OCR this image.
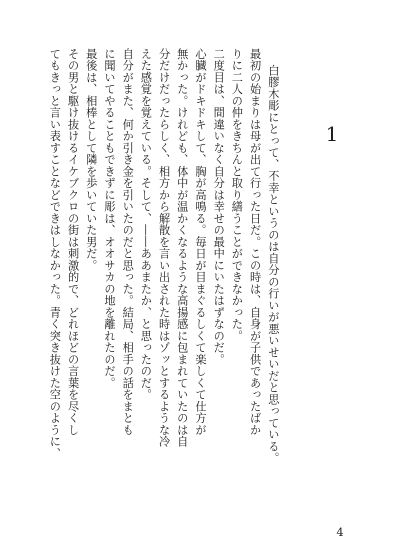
1

白膠木彫にとって、不幸というのは自分の行いが悪いせいだと思っている。
最初の始まりは母が出て行った日だ。この時は、自身が子供であったばか
りに二人の仲をきちんと取り繕うことができなかった。
二度目は、間違いなく自分は幸せの最中にいたはずなのだ。
心臓がドキドキして、胸が高鳴る。毎日が目まぐるしくて楽しくて仕方が
無かった。けれども、体中が温かくなるような高揚感に包まれていたのは自
分だけだったらしく、相方から解散を言い出された時はゾッとするような冷
えた感覚を覚えている。そして、――ああまたか、と思ったのだ。
自分がまた、何か引き金を引いたのだと思った。結局、相手の話をまとも
に聞いてやることもできずに彫は、オオサカの地を離れたのだ。
最後は、相棒として隣を歩いていた男だ。
その男と駆け抜けるイケブクロの街は刺激的で、どれほどの言葉を尽くし
てもきっと言い表すことなどできはしなかった。青く突き抜けた空のように、

4
